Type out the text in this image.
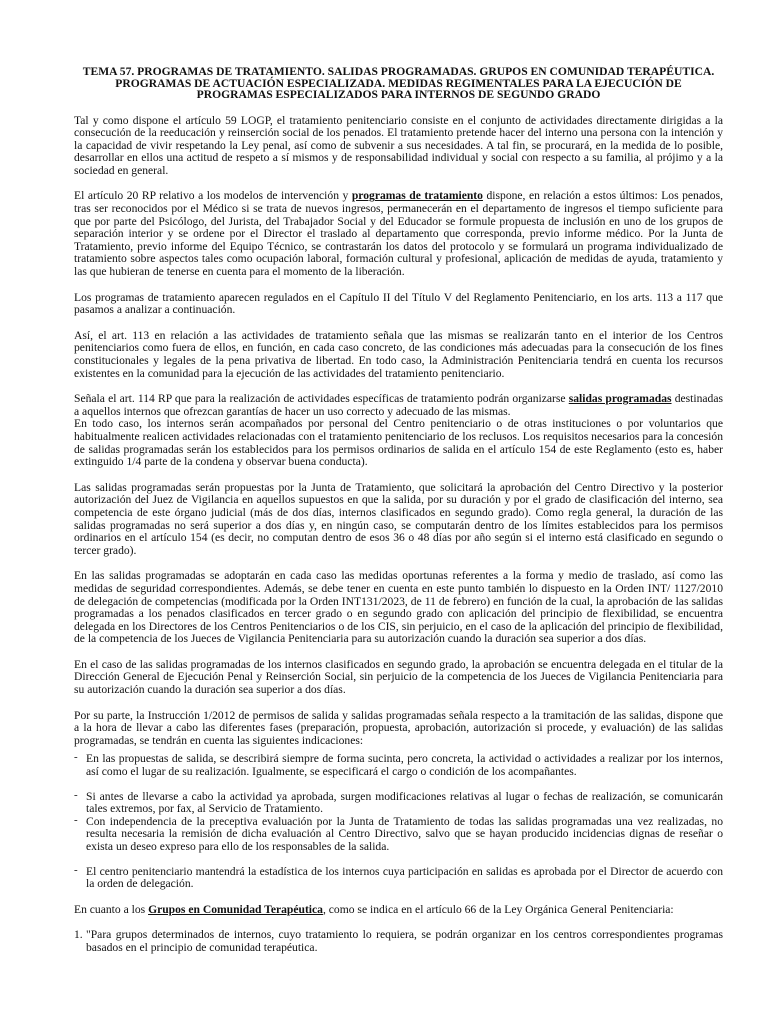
TEMA 57. PROGRAMAS DE TRATAMIENTO. SALIDAS PROGRAMADAS. GRUPOS EN COMUNIDAD TERAPÉUTICA. PROGRAMAS DE ACTUACIÓN ESPECIALIZADA. MEDIDAS REGIMENTALES PARA LA EJECUCIÓN DE PROGRAMAS ESPECIALIZADOS PARA INTERNOS DE SEGUNDO GRADO

Tal y como dispone el artículo 59 LOGP, el tratamiento penitenciario consiste en el conjunto de actividades directamente dirigidas a la consecución de la reeducación y reinserción social de los penados. El tratamiento pretende hacer del interno una persona con la intención y la capacidad de vivir respetando la Ley penal, así como de subvenir a sus necesidades. A tal fin, se procurará, en la medida de lo posible, desarrollar en ellos una actitud de respeto a sí mismos y de responsabilidad individual y social con respecto a su familia, al prójimo y a la sociedad en general.

El artículo 20 RP relativo a los modelos de intervención y programas de tratamiento dispone, en relación a estos últimos: Los penados, tras ser reconocidos por el Médico si se trata de nuevos ingresos, permanecerán en el departamento de ingresos el tiempo suficiente para que por parte del Psicólogo, del Jurista, del Trabajador Social y del Educador se formule propuesta de inclusión en uno de los grupos de separación interior y se ordene por el Director el traslado al departamento que corresponda, previo informe médico. Por la Junta de Tratamiento, previo informe del Equipo Técnico, se contrastarán los datos del protocolo y se formulará un programa individualizado de tratamiento sobre aspectos tales como ocupación laboral, formación cultural y profesional, aplicación de medidas de ayuda, tratamiento y las que hubieran de tenerse en cuenta para el momento de la liberación.

Los programas de tratamiento aparecen regulados en el Capítulo II del Título V del Reglamento Penitenciario, en los arts. 113 a 117 que pasamos a analizar a continuación.

Así, el art. 113 en relación a las actividades de tratamiento señala que las mismas se realizarán tanto en el interior de los Centros penitenciarios como fuera de ellos, en función, en cada caso concreto, de las condiciones más adecuadas para la consecución de los fines constitucionales y legales de la pena privativa de libertad. En todo caso, la Administración Penitenciaria tendrá en cuenta los recursos existentes en la comunidad para la ejecución de las actividades del tratamiento penitenciario.

Señala el art. 114 RP que para la realización de actividades específicas de tratamiento podrán organizarse salidas programadas destinadas a aquellos internos que ofrezcan garantías de hacer un uso correcto y adecuado de las mismas.

En todo caso, los internos serán acompañados por personal del Centro penitenciario o de otras instituciones o por voluntarios que habitualmente realicen actividades relacionadas con el tratamiento penitenciario de los reclusos. Los requisitos necesarios para la concesión de salidas programadas serán los establecidos para los permisos ordinarios de salida en el artículo 154 de este Reglamento (esto es, haber extinguido 1/4 parte de la condena y observar buena conducta).

Las salidas programadas serán propuestas por la Junta de Tratamiento, que solicitará la aprobación del Centro Directivo y la posterior autorización del Juez de Vigilancia en aquellos supuestos en que la salida, por su duración y por el grado de clasificación del interno, sea competencia de este órgano judicial (más de dos días, internos clasificados en segundo grado). Como regla general, la duración de las salidas programadas no será superior a dos días y, en ningún caso, se computarán dentro de los límites establecidos para los permisos ordinarios en el artículo 154 (es decir, no computan dentro de esos 36 o 48 días por año según si el interno está clasificado en segundo o tercer grado).

En las salidas programadas se adoptarán en cada caso las medidas oportunas referentes a la forma y medio de traslado, así como las medidas de seguridad correspondientes. Además, se debe tener en cuenta en este punto también lo dispuesto en la Orden INT/ 1127/2010 de delegación de competencias (modificada por la Orden INT131/2023, de 11 de febrero) en función de la cual, la aprobación de las salidas programadas a los penados clasificados en tercer grado o en segundo grado con aplicación del principio de flexibilidad, se encuentra delegada en los Directores de los Centros Penitenciarios o de los CIS, sin perjuicio, en el caso de la aplicación del principio de flexibilidad, de la competencia de los Jueces de Vigilancia Penitenciaria para su autorización cuando la duración sea superior a dos días.

En el caso de las salidas programadas de los internos clasificados en segundo grado, la aprobación se encuentra delegada en el titular de la Dirección General de Ejecución Penal y Reinserción Social, sin perjuicio de la competencia de los Jueces de Vigilancia Penitenciaria para su autorización cuando la duración sea superior a dos días.

Por su parte, la Instrucción 1/2012 de permisos de salida y salidas programadas señala respecto a la tramitación de las salidas, dispone que a la hora de llevar a cabo las diferentes fases (preparación, propuesta, aprobación, autorización si procede, y evaluación) de las salidas programadas, se tendrán en cuenta las siguientes indicaciones:

- En las propuestas de salida, se describirá siempre de forma sucinta, pero concreta, la actividad o actividades a realizar por los internos, así como el lugar de su realización. Igualmente, se especificará el cargo o condición de los acompañantes.
- Si antes de llevarse a cabo la actividad ya aprobada, surgen modificaciones relativas al lugar o fechas de realización, se comunicarán tales extremos, por fax, al Servicio de Tratamiento.
- Con independencia de la preceptiva evaluación por la Junta de Tratamiento de todas las salidas programadas una vez realizadas, no resulta necesaria la remisión de dicha evaluación al Centro Directivo, salvo que se hayan producido incidencias dignas de reseñar o exista un deseo expreso para ello de los responsables de la salida.
- El centro penitenciario mantendrá la estadística de los internos cuya participación en salidas es aprobada por el Director de acuerdo con la orden de delegación.

En cuanto a los Grupos en Comunidad Terapéutica, como se indica en el artículo 66 de la Ley Orgánica General Penitenciaria:

1. "Para grupos determinados de internos, cuyo tratamiento lo requiera, se podrán organizar en los centros correspondientes programas basados en el principio de comunidad terapéutica.
